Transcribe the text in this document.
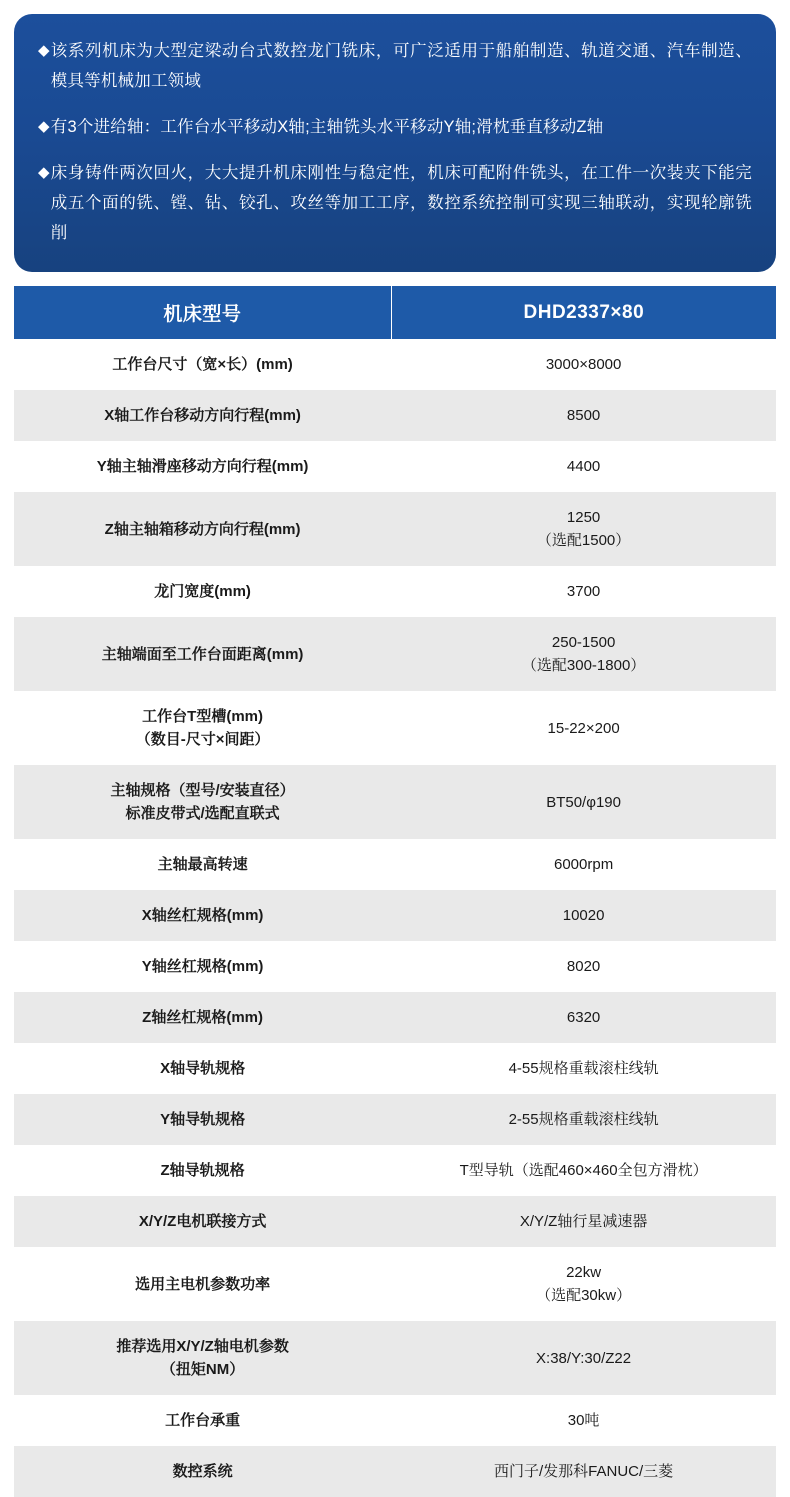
◆ 该系列机床为大型定梁动台式数控龙门铣床，可广泛适用于船舶制造、轨道交通、汽车制造、模具等机械加工领域
◆ 有3个进给轴：工作台水平移动X轴;主轴铣头水平移动Y轴;滑枕垂直移动Z轴
◆ 床身铸件两次回火，大大提升机床刚性与稳定性，机床可配附件铣头，在工件一次装夹下能完成五个面的铣、镗、钻、铰孔、攻丝等加工工序，数控系统控制可实现三轴联动，实现轮廓铣削
机床型号	DHD2337×80

工作台尺寸（宽×长）(mm)	3000×8000

X轴工作台移动方向行程(mm)	8500

Y轴主轴滑座移动方向行程(mm)	4400

Z轴主轴箱移动方向行程(mm)	1250
（选配1500）

龙门宽度(mm)	3700

主轴端面至工作台面距离(mm)	250-1500
（选配300-1800）

工作台T型槽(mm)
（数目-尺寸×间距）	15-22×200

主轴规格（型号/安装直径）
标准皮带式/选配直联式	BT50/φ190

主轴最高转速	6000rpm

X轴丝杠规格(mm)	10020

Y轴丝杠规格(mm)	8020

Z轴丝杠规格(mm)	6320

X轴导轨规格	4-55规格重载滚柱线轨

Y轴导轨规格	2-55规格重载滚柱线轨

Z轴导轨规格	T型导轨（选配460×460全包方滑枕）

X/Y/Z电机联接方式	X/Y/Z轴行星减速器

选用主电机参数功率	22kw
（选配30kw）

推荐选用X/Y/Z轴电机参数
（扭矩NM）	X:38/Y:30/Z22

工作台承重	30吨

数控系统	西门子/发那科FANUC/三菱
